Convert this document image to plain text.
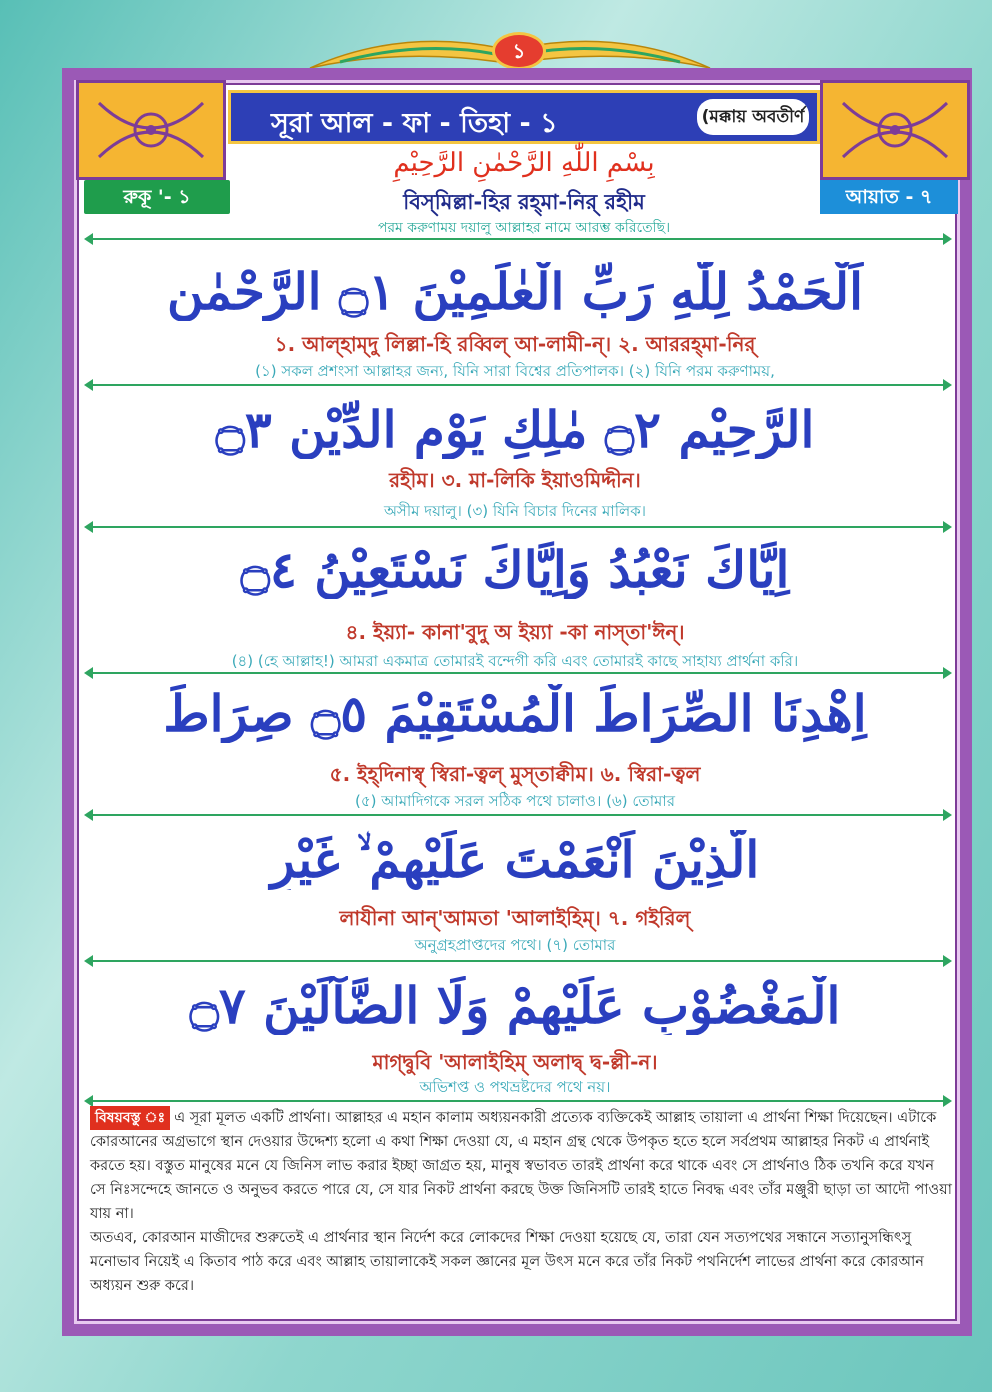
১
সূরা আল - ফা - তিহা - ১	(মক্কায় অবতীর্ণ
بِسْمِ اللّٰهِ الرَّحْمٰنِ الرَّحِيْمِ
বিস্‌মিল্লা-হির রহ্‌মা-নির্ রহীম
পরম করুণাময় দয়ালু আল্লাহর নামে আরম্ভ করিতেছি।
রুকূ '- ১	আয়াত - ৭
اَلْحَمْدُ لِلّٰهِ رَبِّ الْعٰلَمِيْنَ ۝١ الرَّحْمٰنِ
১. আল্‌হাম্‌দু লিল্লা-হি রব্বিল্ আ-লামী-ন্। ২. আররহ্‌মা-নির্
(১) সকল প্রশংসা আল্লাহর জন্য, যিনি সারা বিশ্বের প্রতিপালক। (২) যিনি পরম করুণাময়,
الرَّحِيْمِ ۝٢ مٰلِكِ يَوْمِ الدِّيْنِ ۝٣
রহীম। ৩. মা-লিকি ইয়াওমিদ্দীন।
অসীম দয়ালু। (৩) যিনি বিচার দিনের মালিক।
اِيَّاكَ نَعْبُدُ وَاِيَّاكَ نَسْتَعِيْنُ ۝٤
৪. ইয়্যা- কানা'বুদু অ ইয়্যা -কা নাস্‌তা'ঈন্।
(৪) (হে আল্লাহ!) আমরা একমাত্র তোমারই বন্দেগী করি এবং তোমারই কাছে সাহায্য প্রার্থনা করি।
اِهْدِنَا الصِّرَاطَ الْمُسْتَقِيْمَ ۝٥ صِرَاطَ
৫. ইহ্‌দিনাস্ব্‌ স্বিরা-ত্বল্ মুস্‌তাক্বীম। ৬. স্বিরা-ত্বল
(৫) আমাদিগকে সরল সঠিক পথে চালাও। (৬) তোমার
الَّذِيْنَ اَنْعَمْتَ عَلَيْهِمْ ۙ غَيْرِ
লাযীনা আন্'আমতা 'আলাইহিম্। ৭. গইরিল্
অনুগ্রহপ্রাপ্তদের পথে। (৭) তোমার
الْمَغْضُوْبِ عَلَيْهِمْ وَلَا الضَّآلِّيْنَ ۝٧
মাগ্‌দ্বুবি 'আলাইহিম্ অলাদ্ব্‌ দ্ব-ল্লী-ন।
অভিশপ্ত ও পথভ্রষ্টদের পথে নয়।

বিষয়বস্তু ঃ এ সূরা মূলত একটি প্রার্থনা। আল্লাহর এ মহান কালাম অধ্যয়নকারী প্রত্যেক ব্যক্তিকেই আল্লাহ তায়ালা এ প্রার্থনা শিক্ষা দিয়েছেন। এটাকে কোরআনের অগ্রভাগে স্থান দেওয়ার উদ্দেশ্য হলো এ কথা শিক্ষা দেওয়া যে, এ মহান গ্রন্থ থেকে উপকৃত হতে হলে সর্বপ্রথম আল্লাহর নিকট এ প্রার্থনাই করতে হয়। বস্তুত মানুষের মনে যে জিনিস লাভ করার ইচ্ছা জাগ্রত হয়, মানুষ স্বভাবত তারই প্রার্থনা করে থাকে এবং সে প্রার্থনাও ঠিক তখনি করে যখন সে নিঃসন্দেহে জানতে ও অনুভব করতে পারে যে, সে যার নিকট প্রার্থনা করছে উক্ত জিনিসটি তারই হাতে নিবদ্ধ এবং তাঁর মঞ্জুরী ছাড়া তা আদৌ পাওয়া যায় না।

অতএব, কোরআন মাজীদের শুরুতেই এ প্রার্থনার স্থান নির্দেশ করে লোকদের শিক্ষা দেওয়া হয়েছে যে, তারা যেন সত্যপথের সন্ধানে সত্যানুসন্ধিৎসু মনোভাব নিয়েই এ কিতাব পাঠ করে এবং আল্লাহ তায়ালাকেই সকল জ্ঞানের মূল উৎস মনে করে তাঁর নিকট পথনির্দেশ লাভের প্রার্থনা করে কোরআন অধ্যয়ন শুরু করে।
